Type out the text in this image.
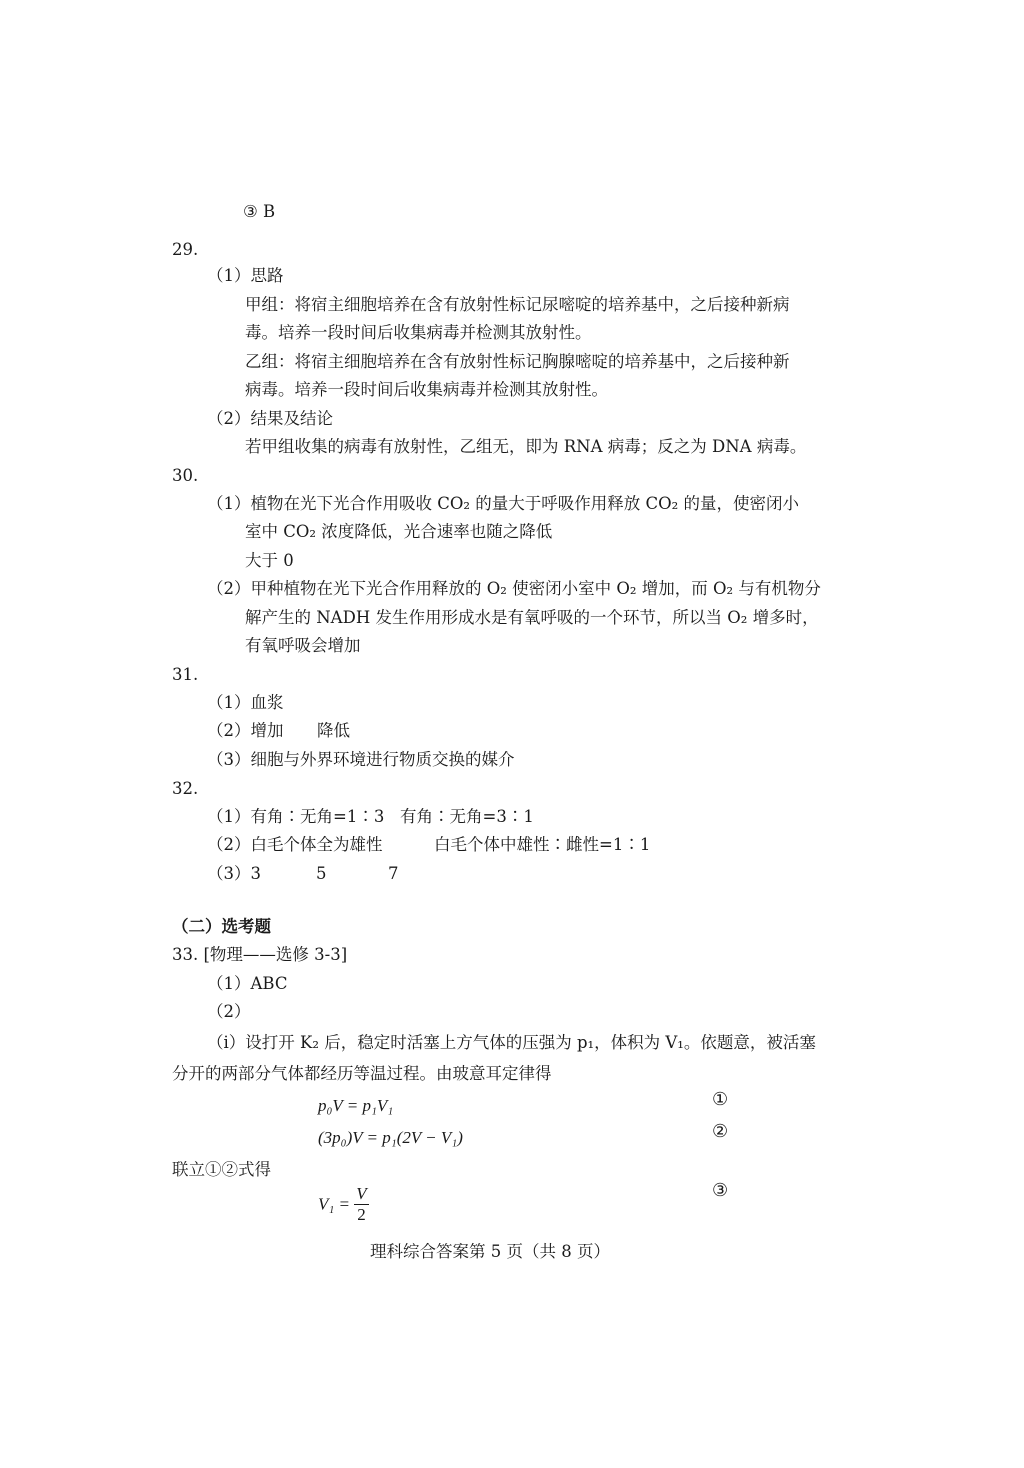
③ B
29.
（1）思路
甲组：将宿主细胞培养在含有放射性标记尿嘧啶的培养基中，之后接种新病
毒。培养一段时间后收集病毒并检测其放射性。
乙组：将宿主细胞培养在含有放射性标记胸腺嘧啶的培养基中，之后接种新
病毒。培养一段时间后收集病毒并检测其放射性。
（2）结果及结论
若甲组收集的病毒有放射性，乙组无，即为 RNA 病毒；反之为 DNA 病毒。
30.
（1）植物在光下光合作用吸收 CO₂ 的量大于呼吸作用释放 CO₂ 的量，使密闭小
室中 CO₂ 浓度降低，光合速率也随之降低
大于 0
（2）甲种植物在光下光合作用释放的 O₂ 使密闭小室中 O₂ 增加，而 O₂ 与有机物分
解产生的 NADH 发生作用形成水是有氧呼吸的一个环节，所以当 O₂ 增多时，
有氧呼吸会增加
31.
（1）血浆
（2）增加 降低
（3）细胞与外界环境进行物质交换的媒介
32.
（1）有角∶无角=1∶3 有角∶无角=3∶1
（2）白毛个体全为雄性	白毛个体中雄性∶雌性=1∶1
（3）3	5	7
（二）选考题
33. [物理——选修 3-3]
（1）ABC
（2）
（i）设打开 K₂ 后，稳定时活塞上方气体的压强为 p₁，体积为 V₁。依题意，被活塞
分开的两部分气体都经历等温过程。由玻意耳定律得
p₀V = p₁V₁	①
(3p₀)V = p₁(2V − V₁)	②
联立①②式得
$V_1 = \frac{V}{2}$	③
理科综合答案第 5 页（共 8 页）
